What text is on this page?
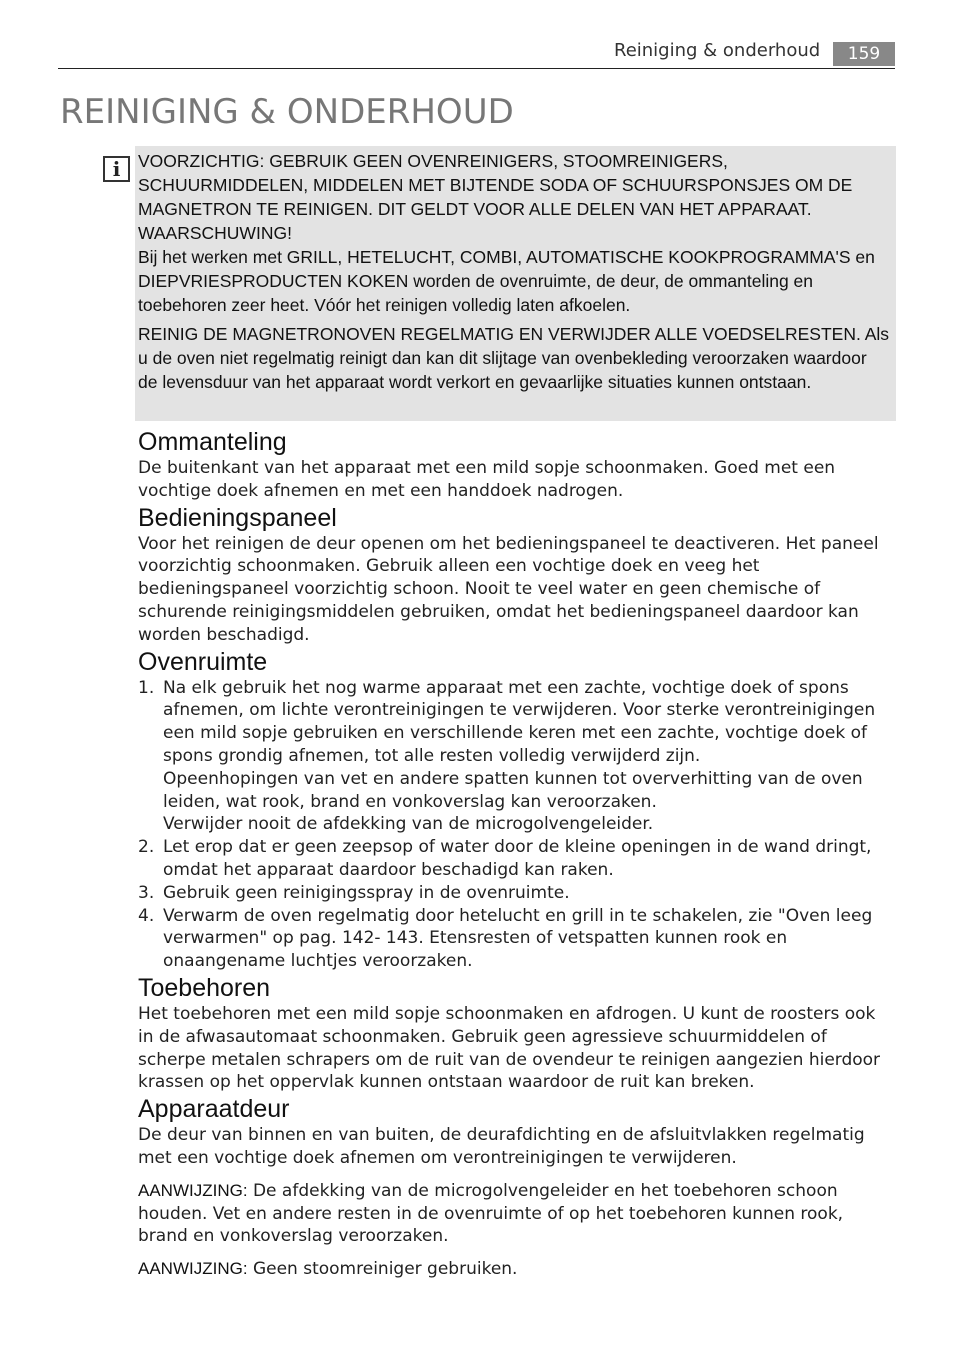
Reiniging & onderhoud	159
REINIGING & ONDERHOUD
i	VOORZICHTIG: GEBRUIK GEEN OVENREINIGERS, STOOMREINIGERS, SCHUURMIDDELEN, MIDDELEN MET BIJTENDE SODA OF SCHUURSPONSJES OM DE MAGNETRON TE REINIGEN. DIT GELDT VOOR ALLE DELEN VAN HET APPARAAT.

WAARSCHUWING!

Bij het werken met GRILL, HETELUCHT, COMBI, AUTOMATISCHE KOOKPROGRAMMA'S en DIEPVRIESPRODUCTEN KOKEN worden de ovenruimte, de deur, de ommanteling en toebehoren zeer heet. Vóór het reinigen volledig laten afkoelen.

REINIG DE MAGNETRONOVEN REGELMATIG EN VERWIJDER ALLE VOEDSELRESTEN. Als u de oven niet regelmatig reinigt dan kan dit slijtage van ovenbekleding veroorzaken waardoor de levensduur van het apparaat wordt verkort en gevaarlijke situaties kunnen ontstaan.

Ommanteling

De buitenkant van het apparaat met een mild sopje schoonmaken. Goed met een vochtige doek afnemen en met een handdoek nadrogen.

Bedieningspaneel

Voor het reinigen de deur openen om het bedieningspaneel te deactiveren. Het paneel voorzichtig schoonmaken. Gebruik alleen een vochtige doek en veeg het bedieningspaneel voorzichtig schoon. Nooit te veel water en geen chemische of schurende reinigingsmiddelen gebruiken, omdat het bedieningspaneel daardoor kan worden beschadigd.

Ovenruimte
1. Na elk gebruik het nog warme apparaat met een zachte, vochtige doek of spons afnemen, om lichte verontreinigingen te verwijderen. Voor sterke verontreinigingen een mild sopje gebruiken en verschillende keren met een zachte, vochtige doek of spons grondig afnemen, tot alle resten volledig verwijderd zijn.
Opeenhopingen van vet en andere spatten kunnen tot oververhitting van de oven leiden, wat rook, brand en vonkoverslag kan veroorzaken.
Verwijder nooit de afdekking van de microgolvengeleider.
2. Let erop dat er geen zeepsop of water door de kleine openingen in de wand dringt, omdat het apparaat daardoor beschadigd kan raken.
3. Gebruik geen reinigingsspray in de ovenruimte.
4. Verwarm de oven regelmatig door hetelucht en grill in te schakelen, zie "Oven leeg verwarmen" op pag. 142- 143. Etensresten of vetspatten kunnen rook en onaangename luchtjes veroorzaken.
Toebehoren

Het toebehoren met een mild sopje schoonmaken en afdrogen. U kunt de roosters ook in de afwasautomaat schoonmaken. Gebruik geen agressieve schuurmiddelen of scherpe metalen schrapers om de ruit van de ovendeur te reinigen aangezien hierdoor krassen op het oppervlak kunnen ontstaan waardoor de ruit kan breken.

Apparaatdeur

De deur van binnen en van buiten, de deurafdichting en de afsluitvlakken regelmatig met een vochtige doek afnemen om verontreinigingen te verwijderen.

AANWIJZING: De afdekking van de microgolvengeleider en het toebehoren schoon houden. Vet en andere resten in de ovenruimte of op het toebehoren kunnen rook, brand en vonkoverslag veroorzaken.

AANWIJZING: Geen stoomreiniger gebruiken.
